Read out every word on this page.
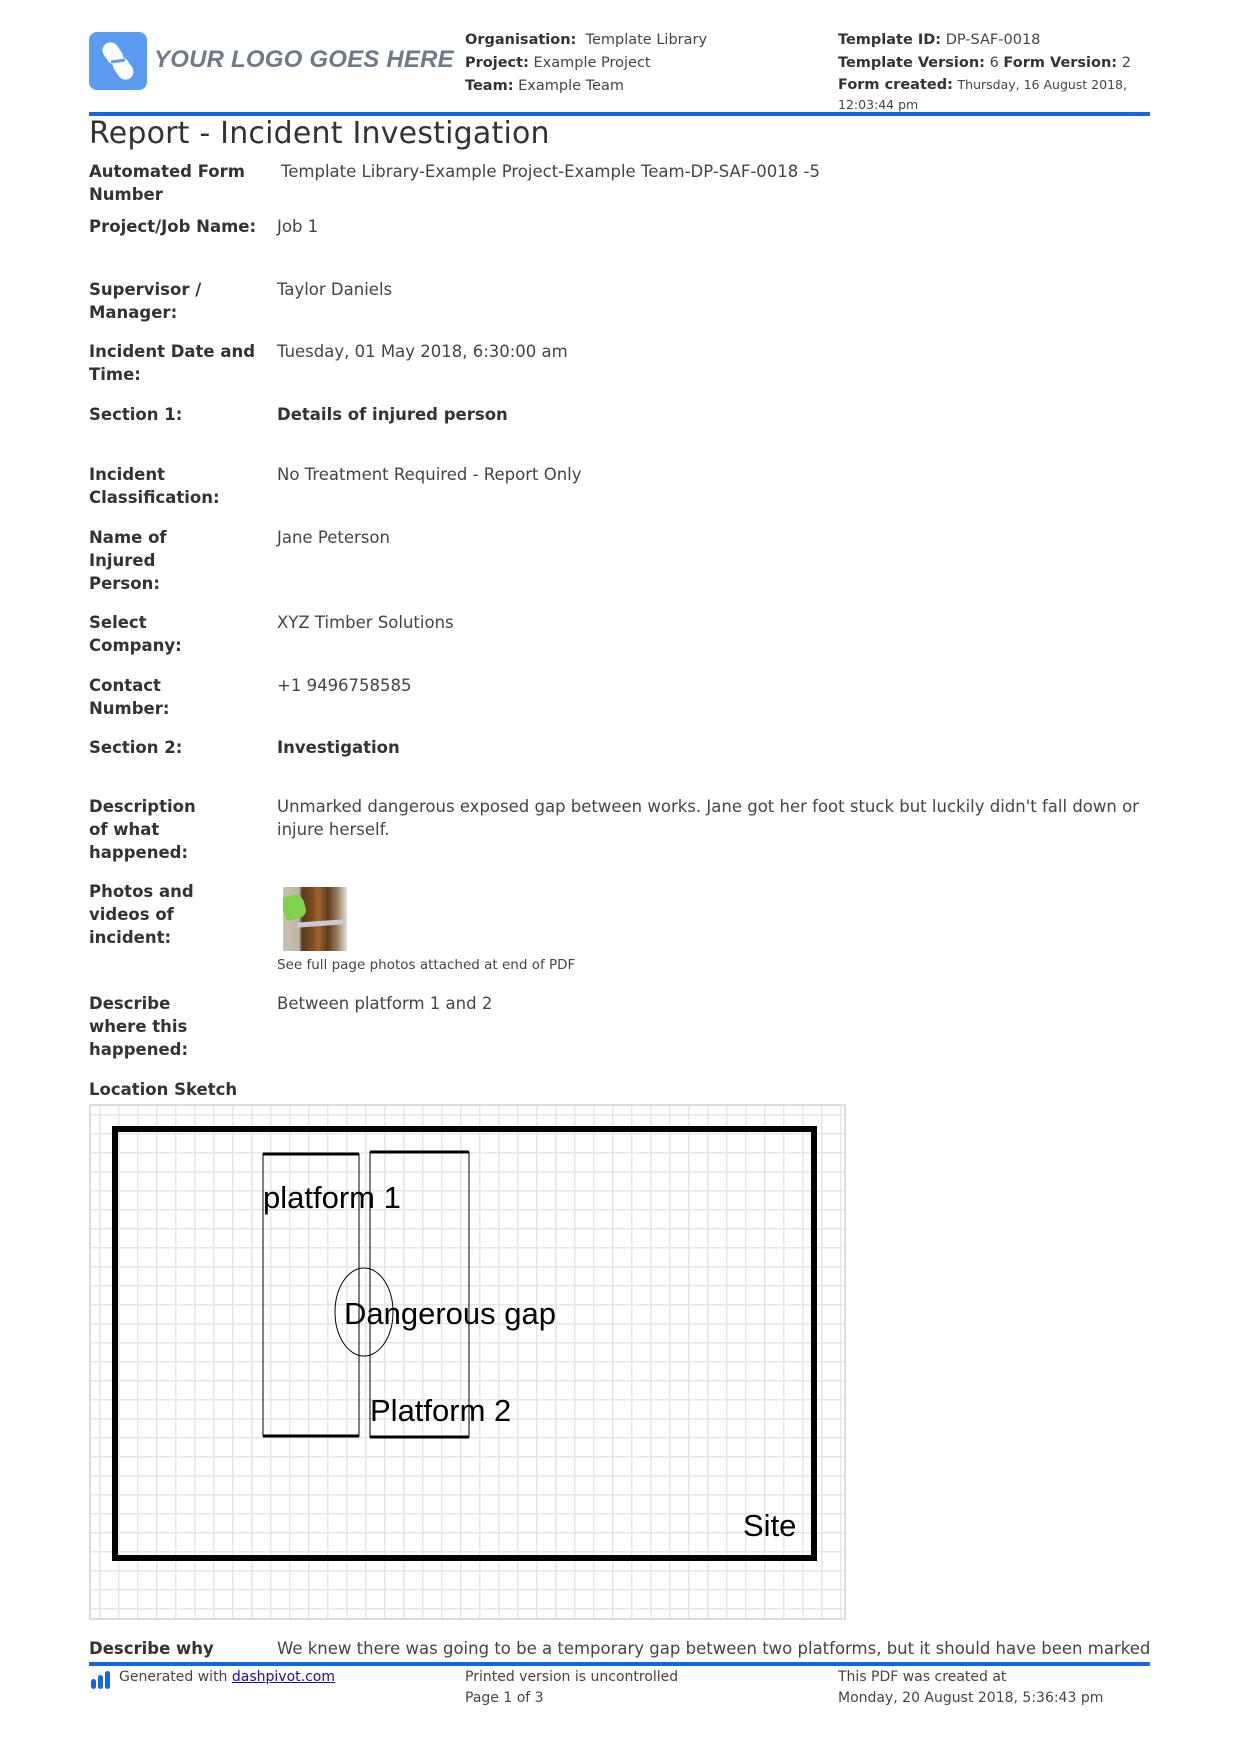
YOUR LOGO GOES HERE
Organisation: Template Library
Project: Example Project
Team: Example Team
Template ID: DP-SAF-0018
Template Version: 6 Form Version: 2
Form created: Thursday, 16 August 2018, 12:03:44 pm
Report - Incident Investigation
Automated Form Number
Template Library-Example Project-Example Team-DP-SAF-0018 -5
Project/Job Name: Job 1
Supervisor / Manager:
Taylor Daniels
Incident Date and Time:
Tuesday, 01 May 2018, 6:30:00 am
Section 1:	Details of injured person
Incident Classification:
No Treatment Required - Report Only
Name of Injured Person:
Jane Peterson
Select Company:
XYZ Timber Solutions
Contact Number:
+1 9496758585
Section 2:	Investigation
Description of what happened:
Unmarked dangerous exposed gap between works. Jane got her foot stuck but luckily didn't fall down or injure herself.
Photos and videos of incident:
See full page photos attached at end of PDF
Describe where this happened:
Between platform 1 and 2
Location Sketch
platform 1
Dangerous gap
Platform 2
Site
Describe why	We knew there was going to be a temporary gap between two platforms, but it should have been marked
Generated with dashpivot.com	Printed version is uncontrolled
Page 1 of 3
This PDF was created at
Monday, 20 August 2018, 5:36:43 pm
